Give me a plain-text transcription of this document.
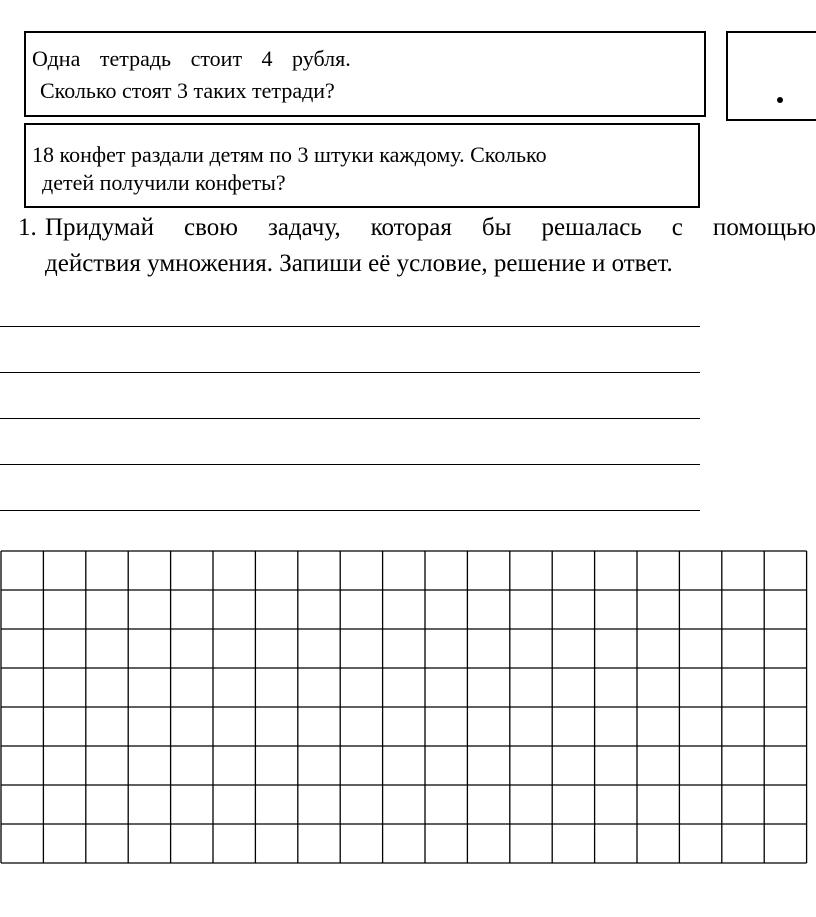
Одна тетрадь стоит 4 рубля.
Сколько стоят 3 таких тетради?
18 конфет раздали детям по 3 штуки каждому. Сколько
детей получили конфеты?
1. Придумай свою задачу, которая бы решалась с помощью
действия умножения. Запиши её условие, решение и ответ.
